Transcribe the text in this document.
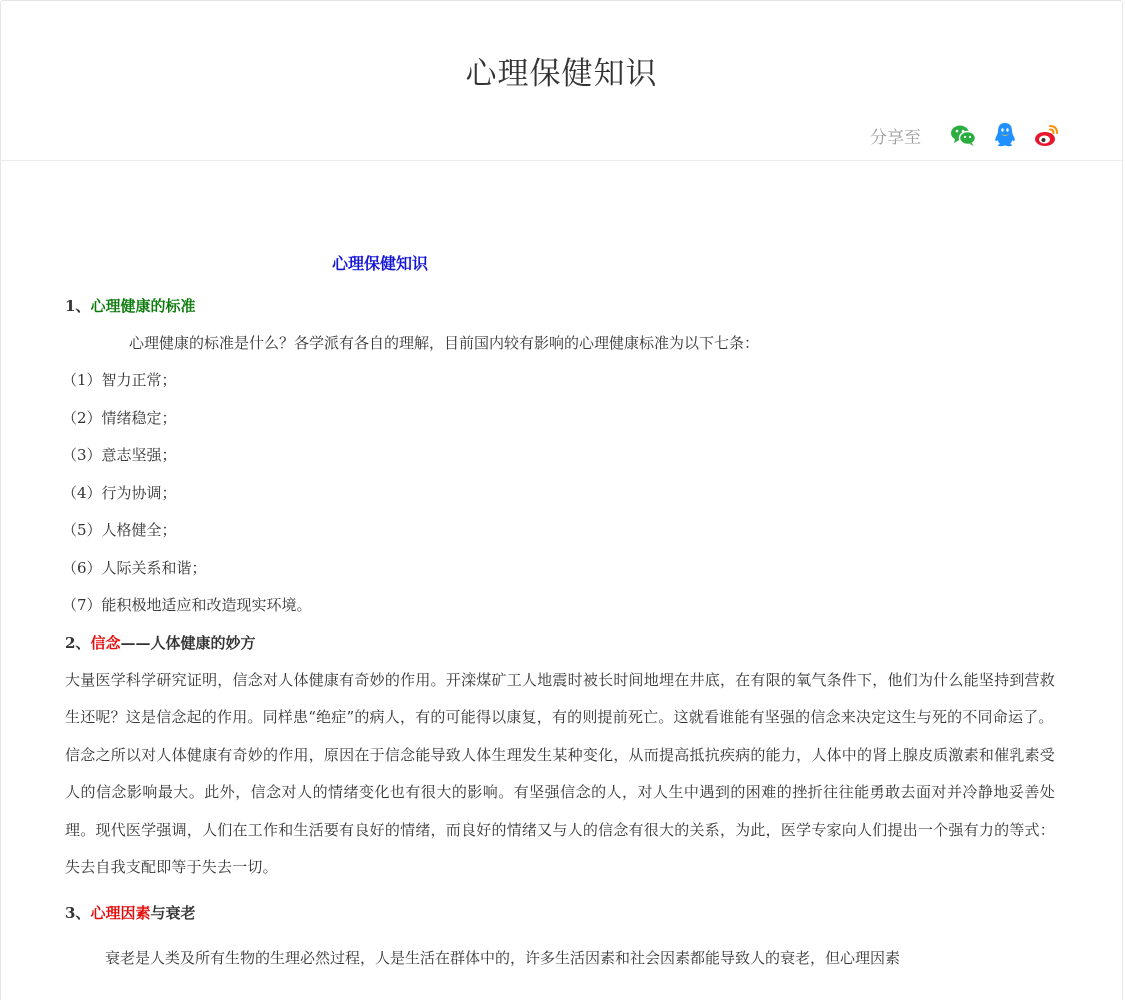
心理保健知识
分享至
心理保健知识
1、心理健康的标准
心理健康的标准是什么？各学派有各自的理解，目前国内较有影响的心理健康标准为以下七条：
（1）智力正常；
（2）情绪稳定；
（3）意志坚强；
（4）行为协调；
（5）人格健全；
（6）人际关系和谐；
（7）能积极地适应和改造现实环境。
2、信念——人体健康的妙方
大量医学科学研究证明，信念对人体健康有奇妙的作用。开滦煤矿工人地震时被长时间地埋在井底，在有限的氧气条件下，他们为什么能坚持到营救生还呢？这是信念起的作用。同样患“绝症”的病人，有的可能得以康复，有的则提前死亡。这就看谁能有坚强的信念来决定这生与死的不同命运了。
信念之所以对人体健康有奇妙的作用，原因在于信念能导致人体生理发生某种变化，从而提高抵抗疾病的能力，人体中的肾上腺皮质激素和催乳素受人的信念影响最大。此外，信念对人的情绪变化也有很大的影响。有坚强信念的人，对人生中遇到的困难的挫折往往能勇敢去面对并冷静地妥善处理。现代医学强调，人们在工作和生活要有良好的情绪，而良好的情绪又与人的信念有很大的关系，为此，医学专家向人们提出一个强有力的等式：失去自我支配即等于失去一切。
3、心理因素与衰老
衰老是人类及所有生物的生理必然过程，人是生活在群体中的，许多生活因素和社会因素都能导致人的衰老，但心理因素
